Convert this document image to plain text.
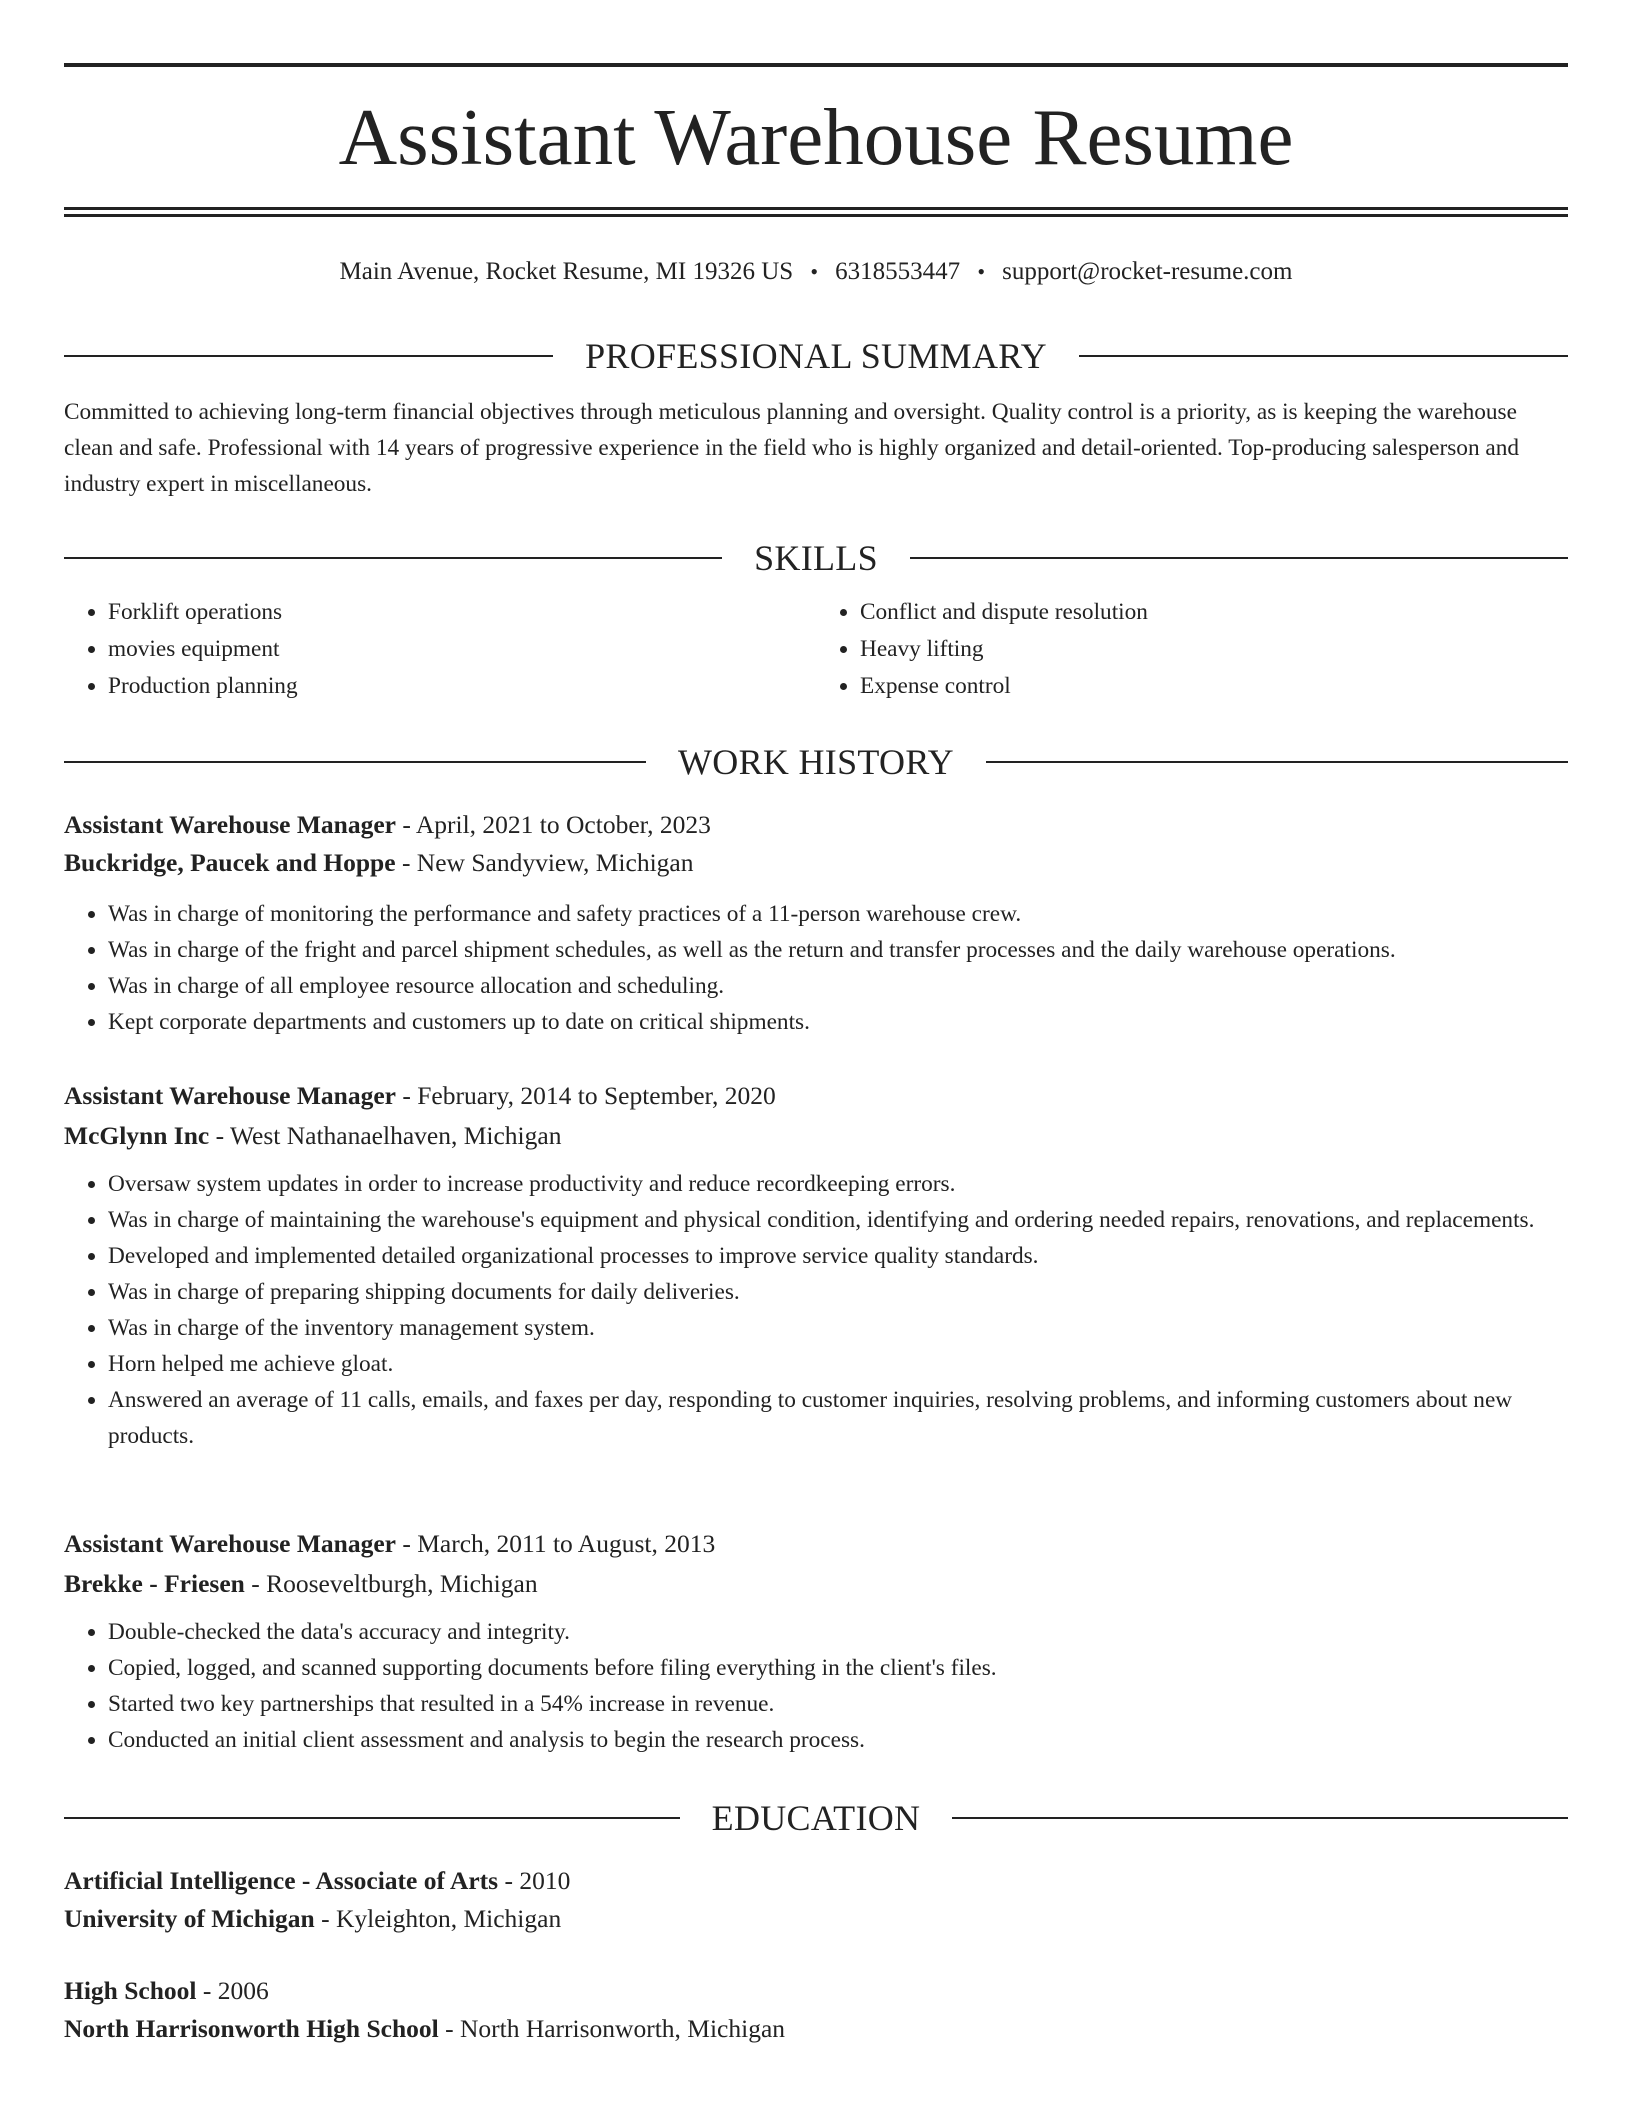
Assistant Warehouse Resume
Main Avenue, Rocket Resume, MI 19326 US • 6318553447 • support@rocket-resume.com
PROFESSIONAL SUMMARY

Committed to achieving long-term financial objectives through meticulous planning and oversight. Quality control is a priority, as is keeping the warehouse clean and safe. Professional with 14 years of progressive experience in the field who is highly organized and detail-oriented. Top-producing salesperson and industry expert in miscellaneous.

SKILLS
• Forklift operations
• movies equipment
• Production planning
• Conflict and dispute resolution
• Heavy lifting
• Expense control
WORK HISTORY

Assistant Warehouse Manager - April, 2021 to October, 2023

Buckridge, Paucek and Hoppe - New Sandyview, Michigan

• Was in charge of monitoring the performance and safety practices of a 11-person warehouse crew.
• Was in charge of the fright and parcel shipment schedules, as well as the return and transfer processes and the daily warehouse operations.
• Was in charge of all employee resource allocation and scheduling.
• Kept corporate departments and customers up to date on critical shipments.

Assistant Warehouse Manager - February, 2014 to September, 2020

McGlynn Inc - West Nathanaelhaven, Michigan

• Oversaw system updates in order to increase productivity and reduce recordkeeping errors.
• Was in charge of maintaining the warehouse's equipment and physical condition, identifying and ordering needed repairs, renovations, and replacements.
• Developed and implemented detailed organizational processes to improve service quality standards.
• Was in charge of preparing shipping documents for daily deliveries.
• Was in charge of the inventory management system.
• Horn helped me achieve gloat.
• Answered an average of 11 calls, emails, and faxes per day, responding to customer inquiries, resolving problems, and informing customers about new products.

Assistant Warehouse Manager - March, 2011 to August, 2013

Brekke - Friesen - Rooseveltburgh, Michigan

• Double-checked the data's accuracy and integrity.
• Copied, logged, and scanned supporting documents before filing everything in the client's files.
• Started two key partnerships that resulted in a 54% increase in revenue.
• Conducted an initial client assessment and analysis to begin the research process.
EDUCATION

Artificial Intelligence - Associate of Arts - 2010

University of Michigan - Kyleighton, Michigan

High School - 2006

North Harrisonworth High School - North Harrisonworth, Michigan
